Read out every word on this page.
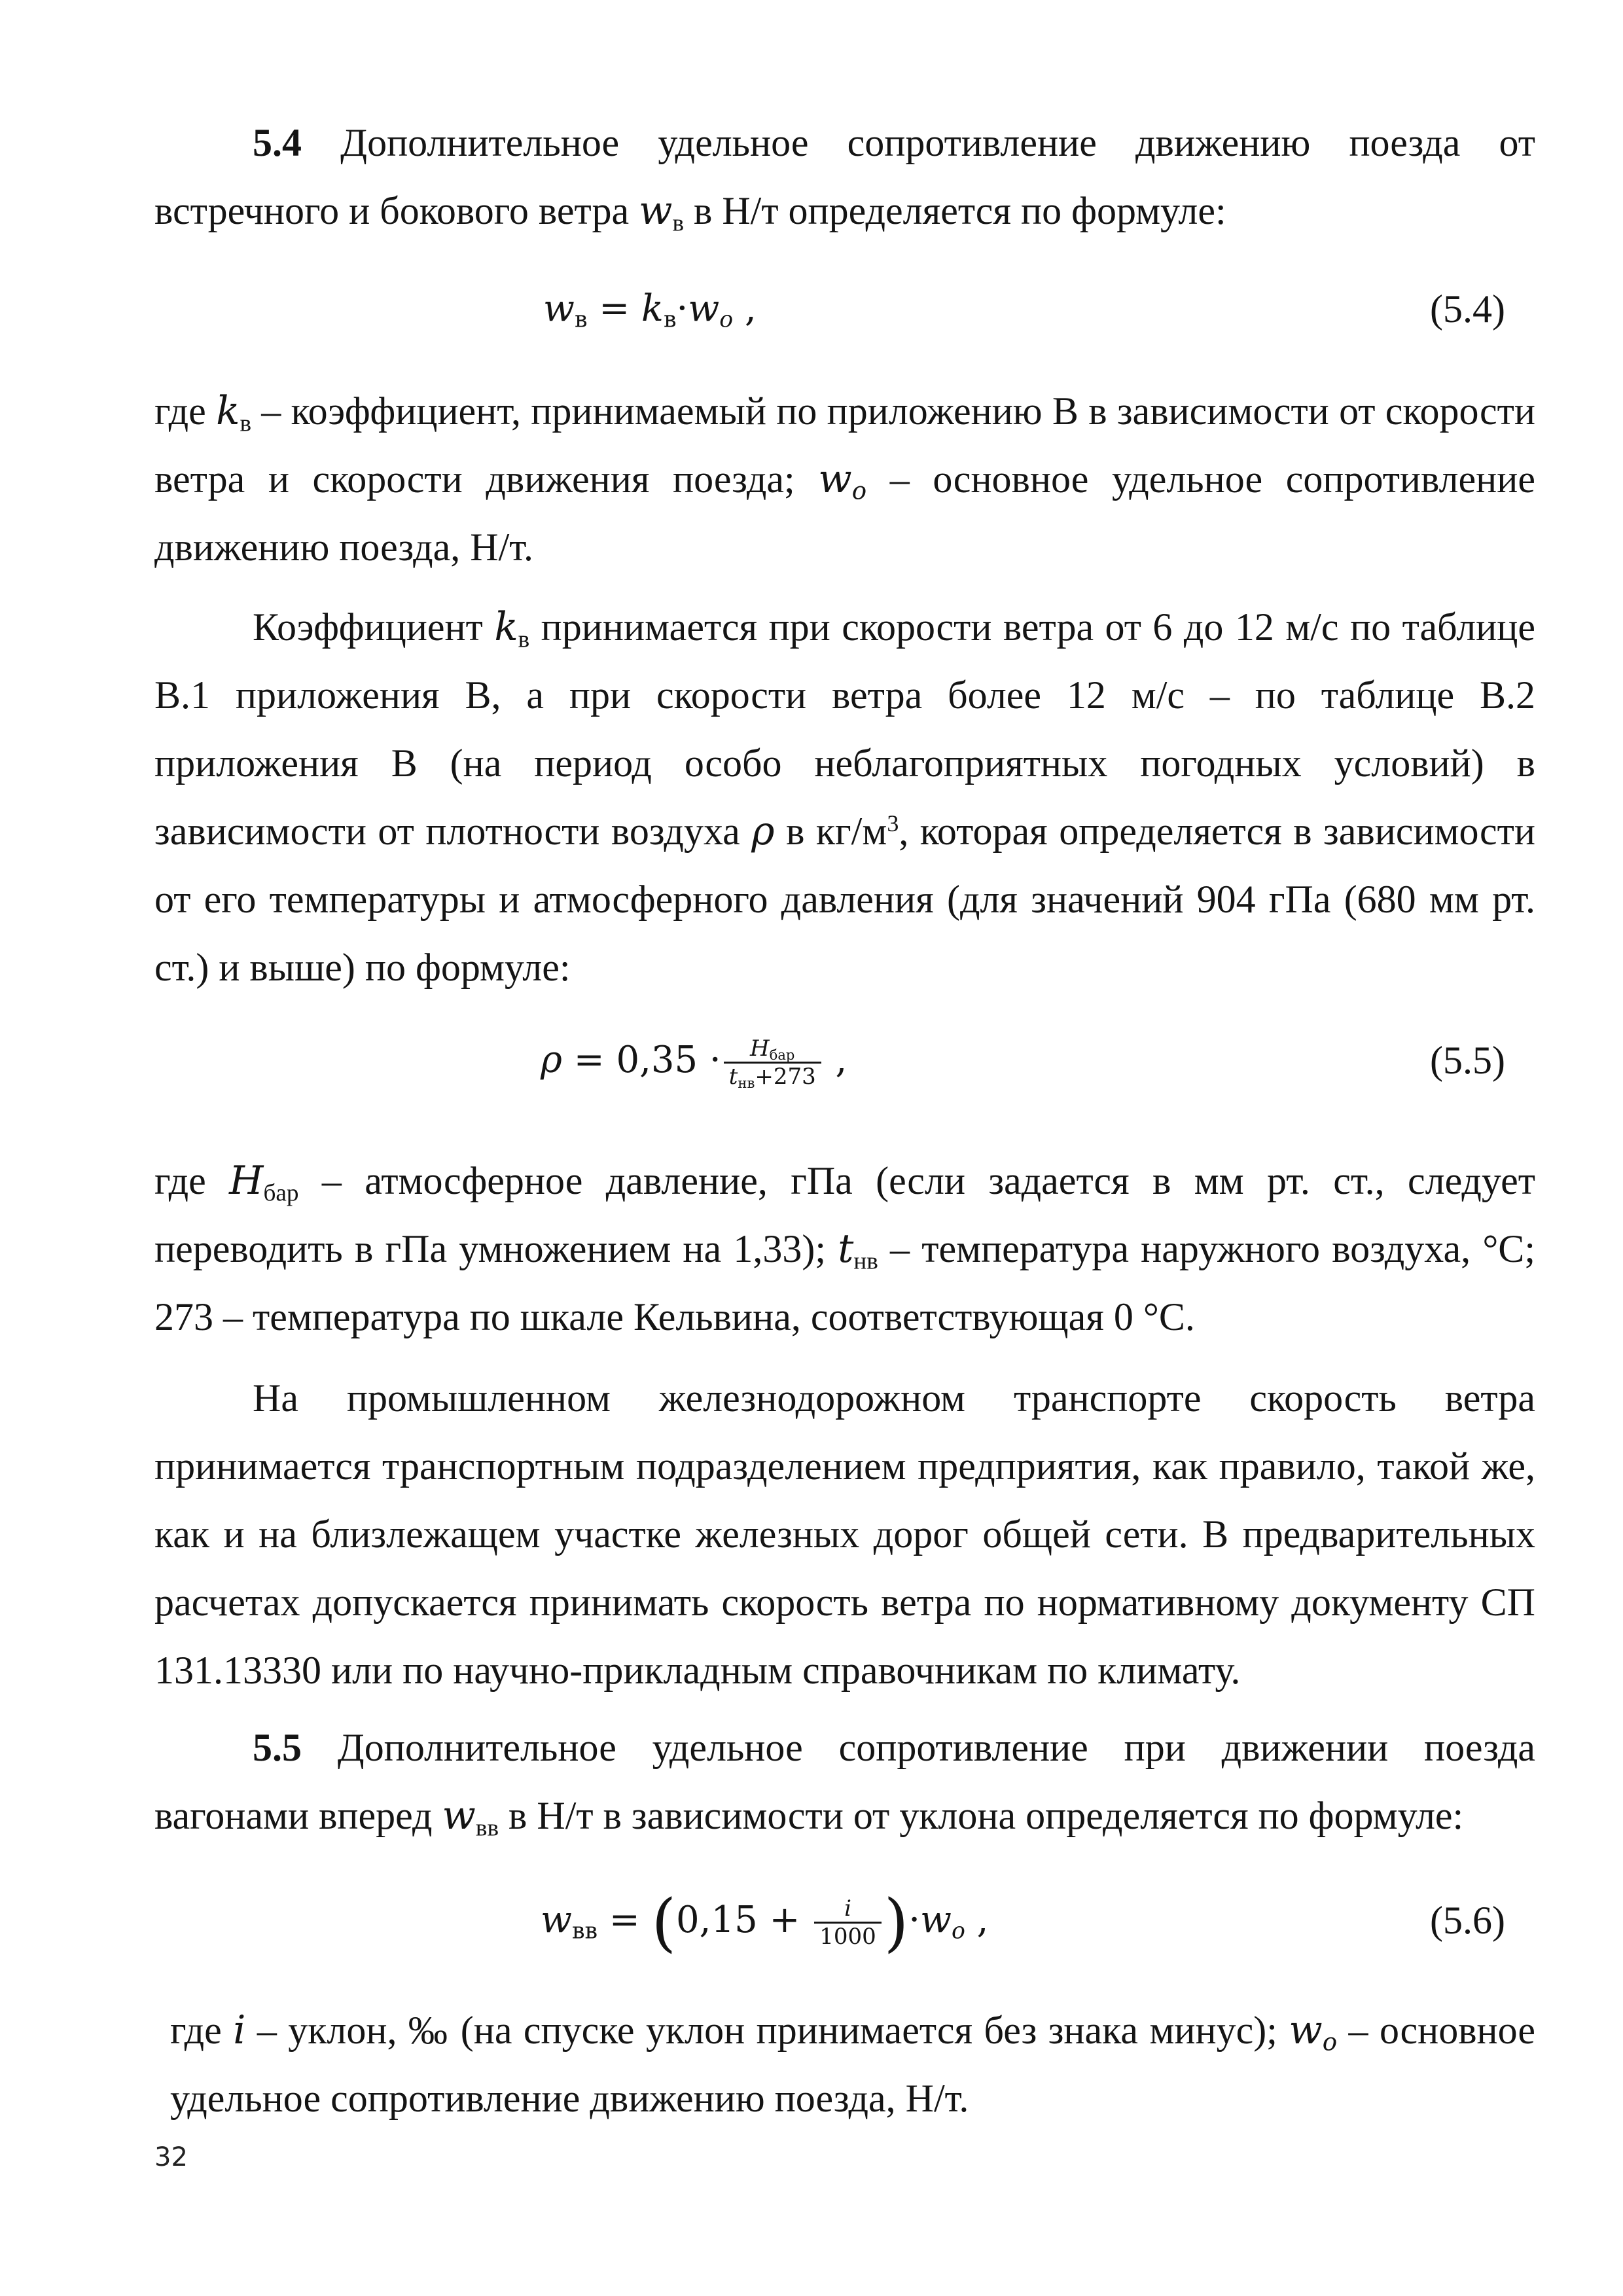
5.4 Дополнительное удельное сопротивление движению поезда от встречного и бокового ветра $w_в$ в Н/т определяется по формуле:

$w_в = k_в\cdot w_o$ ,	(5.4)

где $k_в$ – коэффициент, принимаемый по приложению В в зависимости от скорости ветра и скорости движения поезда; $w_o$ – основное удельное сопротивление движению поезда, Н/т.

Коэффициент $k_в$ принимается при скорости ветра от 6 до 12 м/с по таблице В.1 приложения В, а при скорости ветра более 12 м/с – по таблице В.2 приложения В (на период особо неблагоприятных погодных условий) в зависимости от плотности воздуха ρ в $кг/м^3$, которая определяется в зависимости от его температуры и атмосферного давления (для значений 904 гПа (680 мм рт. ст.) и выше) по формуле:

$\rho = 0,35 \cdot \frac{H_{бар}}{t_{нв}+273}$ ,	(5.5)

где $H_{бар}$ – атмосферное давление, гПа (если задается в мм рт. ст., следует переводить в гПа умножением на 1,33); $t_{нв}$ – температура наружного воздуха, °С; 273 – температура по шкале Кельвина, соответствующая 0 °С.

На промышленном железнодорожном транспорте скорость ветра принимается транспортным подразделением предприятия, как правило, такой же, как и на близлежащем участке железных дорог общей сети. В предварительных расчетах допускается принимать скорость ветра по нормативному документу СП 131.13330 или по научно-прикладным справочникам по климату.

5.5 Дополнительное удельное сопротивление при движении поезда вагонами вперед $w_{вв}$ в Н/т в зависимости от уклона определяется по формуле:

$w_{вв} = (0,15 + \frac{i}{1000} )\cdot w_o$ ,	(5.6)

где i – уклон, ‰ (на спуске уклон принимается без знака минус); $w_o$ – основное удельное сопротивление движению поезда, Н/т.

32
